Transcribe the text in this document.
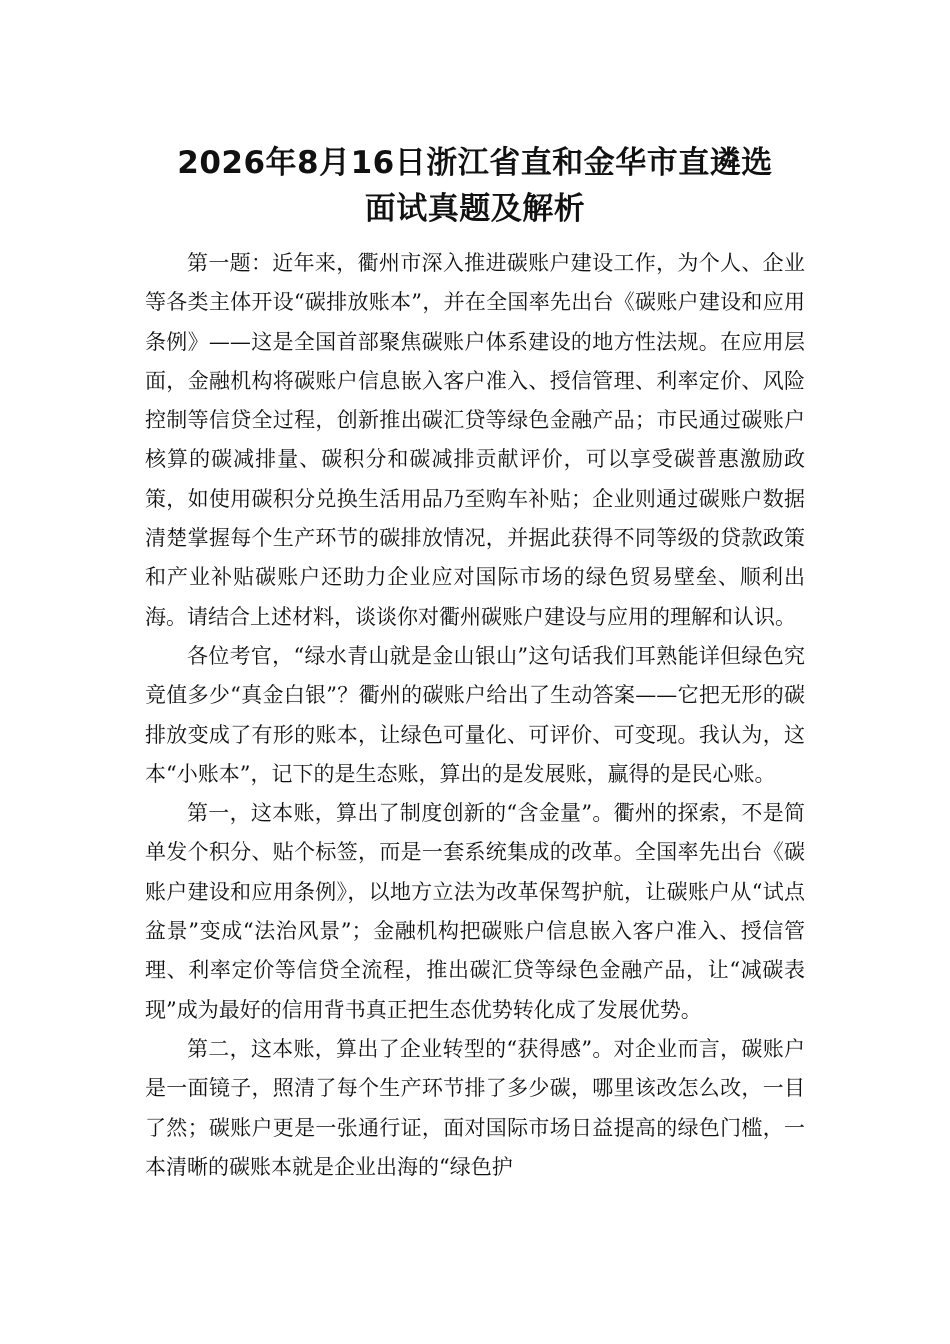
2026年8月16日浙江省直和金华市直遴选
面试真题及解析

第一题：近年来，衢州市深入推进碳账户建设工作，为个人、企业等各类主体开设“碳排放账本”，并在全国率先出台《碳账户建设和应用条例》——这是全国首部聚焦碳账户体系建设的地方性法规。在应用层面，金融机构将碳账户信息嵌入客户准入、授信管理、利率定价、风险控制等信贷全过程，创新推出碳汇贷等绿色金融产品；市民通过碳账户核算的碳减排量、碳积分和碳减排贡献评价，可以享受碳普惠激励政策，如使用碳积分兑换生活用品乃至购车补贴；企业则通过碳账户数据清楚掌握每个生产环节的碳排放情况，并据此获得不同等级的贷款政策和产业补贴碳账户还助力企业应对国际市场的绿色贸易壁垒、顺利出海。请结合上述材料，谈谈你对衢州碳账户建设与应用的理解和认识。

各位考官，“绿水青山就是金山银山”这句话我们耳熟能详但绿色究竟值多少“真金白银”？衢州的碳账户给出了生动答案——它把无形的碳排放变成了有形的账本，让绿色可量化、可评价、可变现。我认为，这本“小账本”，记下的是生态账，算出的是发展账，赢得的是民心账。

第一，这本账，算出了制度创新的“含金量”。衢州的探索，不是简单发个积分、贴个标签，而是一套系统集成的改革。全国率先出台《碳账户建设和应用条例》，以地方立法为改革保驾护航，让碳账户从“试点盆景”变成“法治风景”；金融机构把碳账户信息嵌入客户准入、授信管理、利率定价等信贷全流程，推出碳汇贷等绿色金融产品，让“减碳表现”成为最好的信用背书真正把生态优势转化成了发展优势。

第二，这本账，算出了企业转型的“获得感”。对企业而言，碳账户是一面镜子，照清了每个生产环节排了多少碳，哪里该改怎么改，一目了然；碳账户更是一张通行证，面对国际市场日益提高的绿色门槛，一本清晰的碳账本就是企业出海的“绿色护
